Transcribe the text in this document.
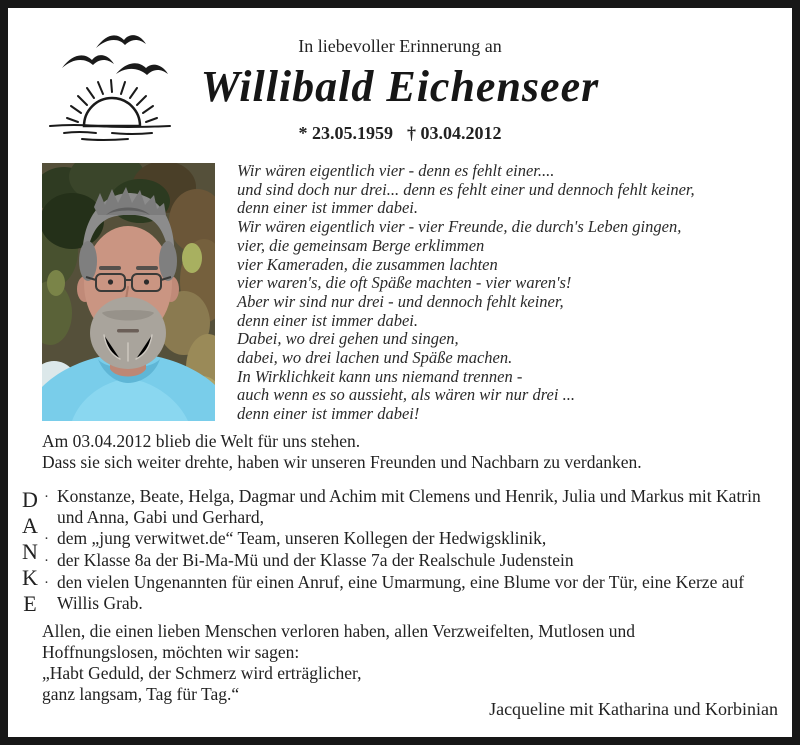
In liebevoller Erinnerung an
Willibald Eichenseer
* 23.05.1959 † 03.04.2012
Wir wären eigentlich vier - denn es fehlt einer....
und sind doch nur drei... denn es fehlt einer und dennoch fehlt keiner,
denn einer ist immer dabei.
Wir wären eigentlich vier - vier Freunde, die durch's Leben gingen,
vier, die gemeinsam Berge erklimmen
vier Kameraden, die zusammen lachten
vier waren's, die oft Späße machten - vier waren's!
Aber wir sind nur drei - und dennoch fehlt keiner,
denn einer ist immer dabei.
Dabei, wo drei gehen und singen,
dabei, wo drei lachen und Späße machen.
In Wirklichkeit kann uns niemand trennen -
auch wenn es so aussieht, als wären wir nur drei ...
denn einer ist immer dabei!
Am 03.04.2012 blieb die Welt für uns stehen.
Dass sie sich weiter drehte, haben wir unseren Freunden und Nachbarn zu verdanken.
D
A
N
K
E
· Konstanze, Beate, Helga, Dagmar und Achim mit Clemens und Henrik, Julia und Markus mit Katrin und Anna, Gabi und Gerhard,
· dem „jung verwitwet.de“ Team, unseren Kollegen der Hedwigsklinik,
· der Klasse 8a der Bi-Ma-Mü und der Klasse 7a der Realschule Judenstein
· den vielen Ungenannten für einen Anruf, eine Umarmung, eine Blume vor der Tür, eine Kerze auf Willis Grab.
Allen, die einen lieben Menschen verloren haben, allen Verzweifelten, Mutlosen und
Hoffnungslosen, möchten wir sagen:
„Habt Geduld, der Schmerz wird erträglicher,
ganz langsam, Tag für Tag.“
Jacqueline mit Katharina und Korbinian
